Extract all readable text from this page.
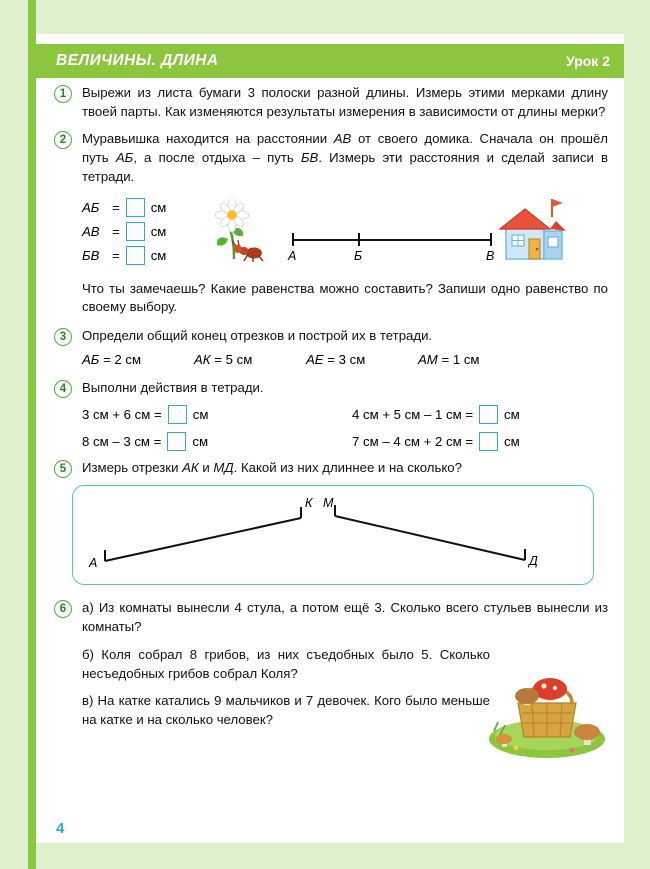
ВЕЛИЧИНЫ. ДЛИНА	Урок 2
1	Вырежи из листа бумаги 3 полоски разной длины. Измерь этими мерками длину твоей парты. Как изменяются результаты измерения в зависимости от длины мерки?
2	Муравьишка находится на расстоянии АВ от своего домика. Сначала он прошёл путь АБ, а после отдыха – путь БВ. Измерь эти расстояния и сделай записи в тетради.
АБ = см
АВ = см
БВ = см	А	Б	В
Что ты замечаешь? Какие равенства можно составить? Запиши одно равенство по своему выбору.
3	Определи общий конец отрезков и построй их в тетради.
АБ = 2 см	АК = 5 см	АЕ = 3 см	АМ = 1 см
4	Выполни действия в тетради.
3 см + 6 см = см	4 см + 5 см – 1 см = см
8 см – 3 см = см	7 см – 4 см + 2 см = см
5	Измерь отрезки АК и МД. Какой из них длиннее и на сколько?
А
К М
Д
6	а) Из комнаты вынесли 4 стула, а потом ещё 3. Сколько всего стульев вынесли из комнаты?
б) Коля собрал 8 грибов, из них съедобных было 5. Сколько несъедобных грибов собрал Коля?
в) На катке катались 9 мальчиков и 7 девочек. Кого было меньше на катке и на сколько человек?
4
